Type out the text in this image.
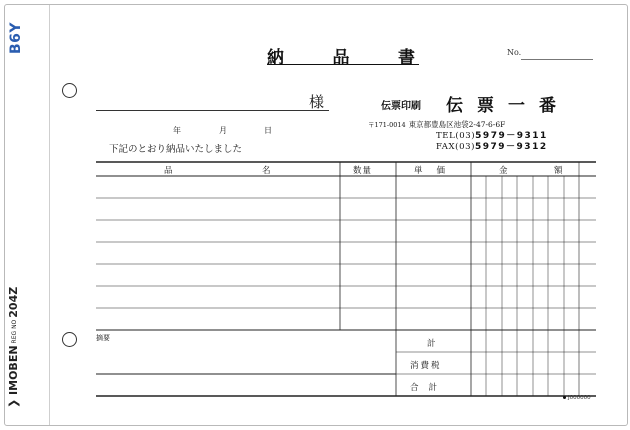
B6Y
❯ IMOBENREG NO204Z
納	品	書	No.
様
年	月	日
下記のとおり納品いたしました
伝票印刷 伝票一番
〒171-0014 東京都豊島区池袋2-47-6-6F
TEL(03)5979－9311
FAX(03)5979－9312
品	名	数量	単価	金	額
摘要
計
消費税
合計
J000000
